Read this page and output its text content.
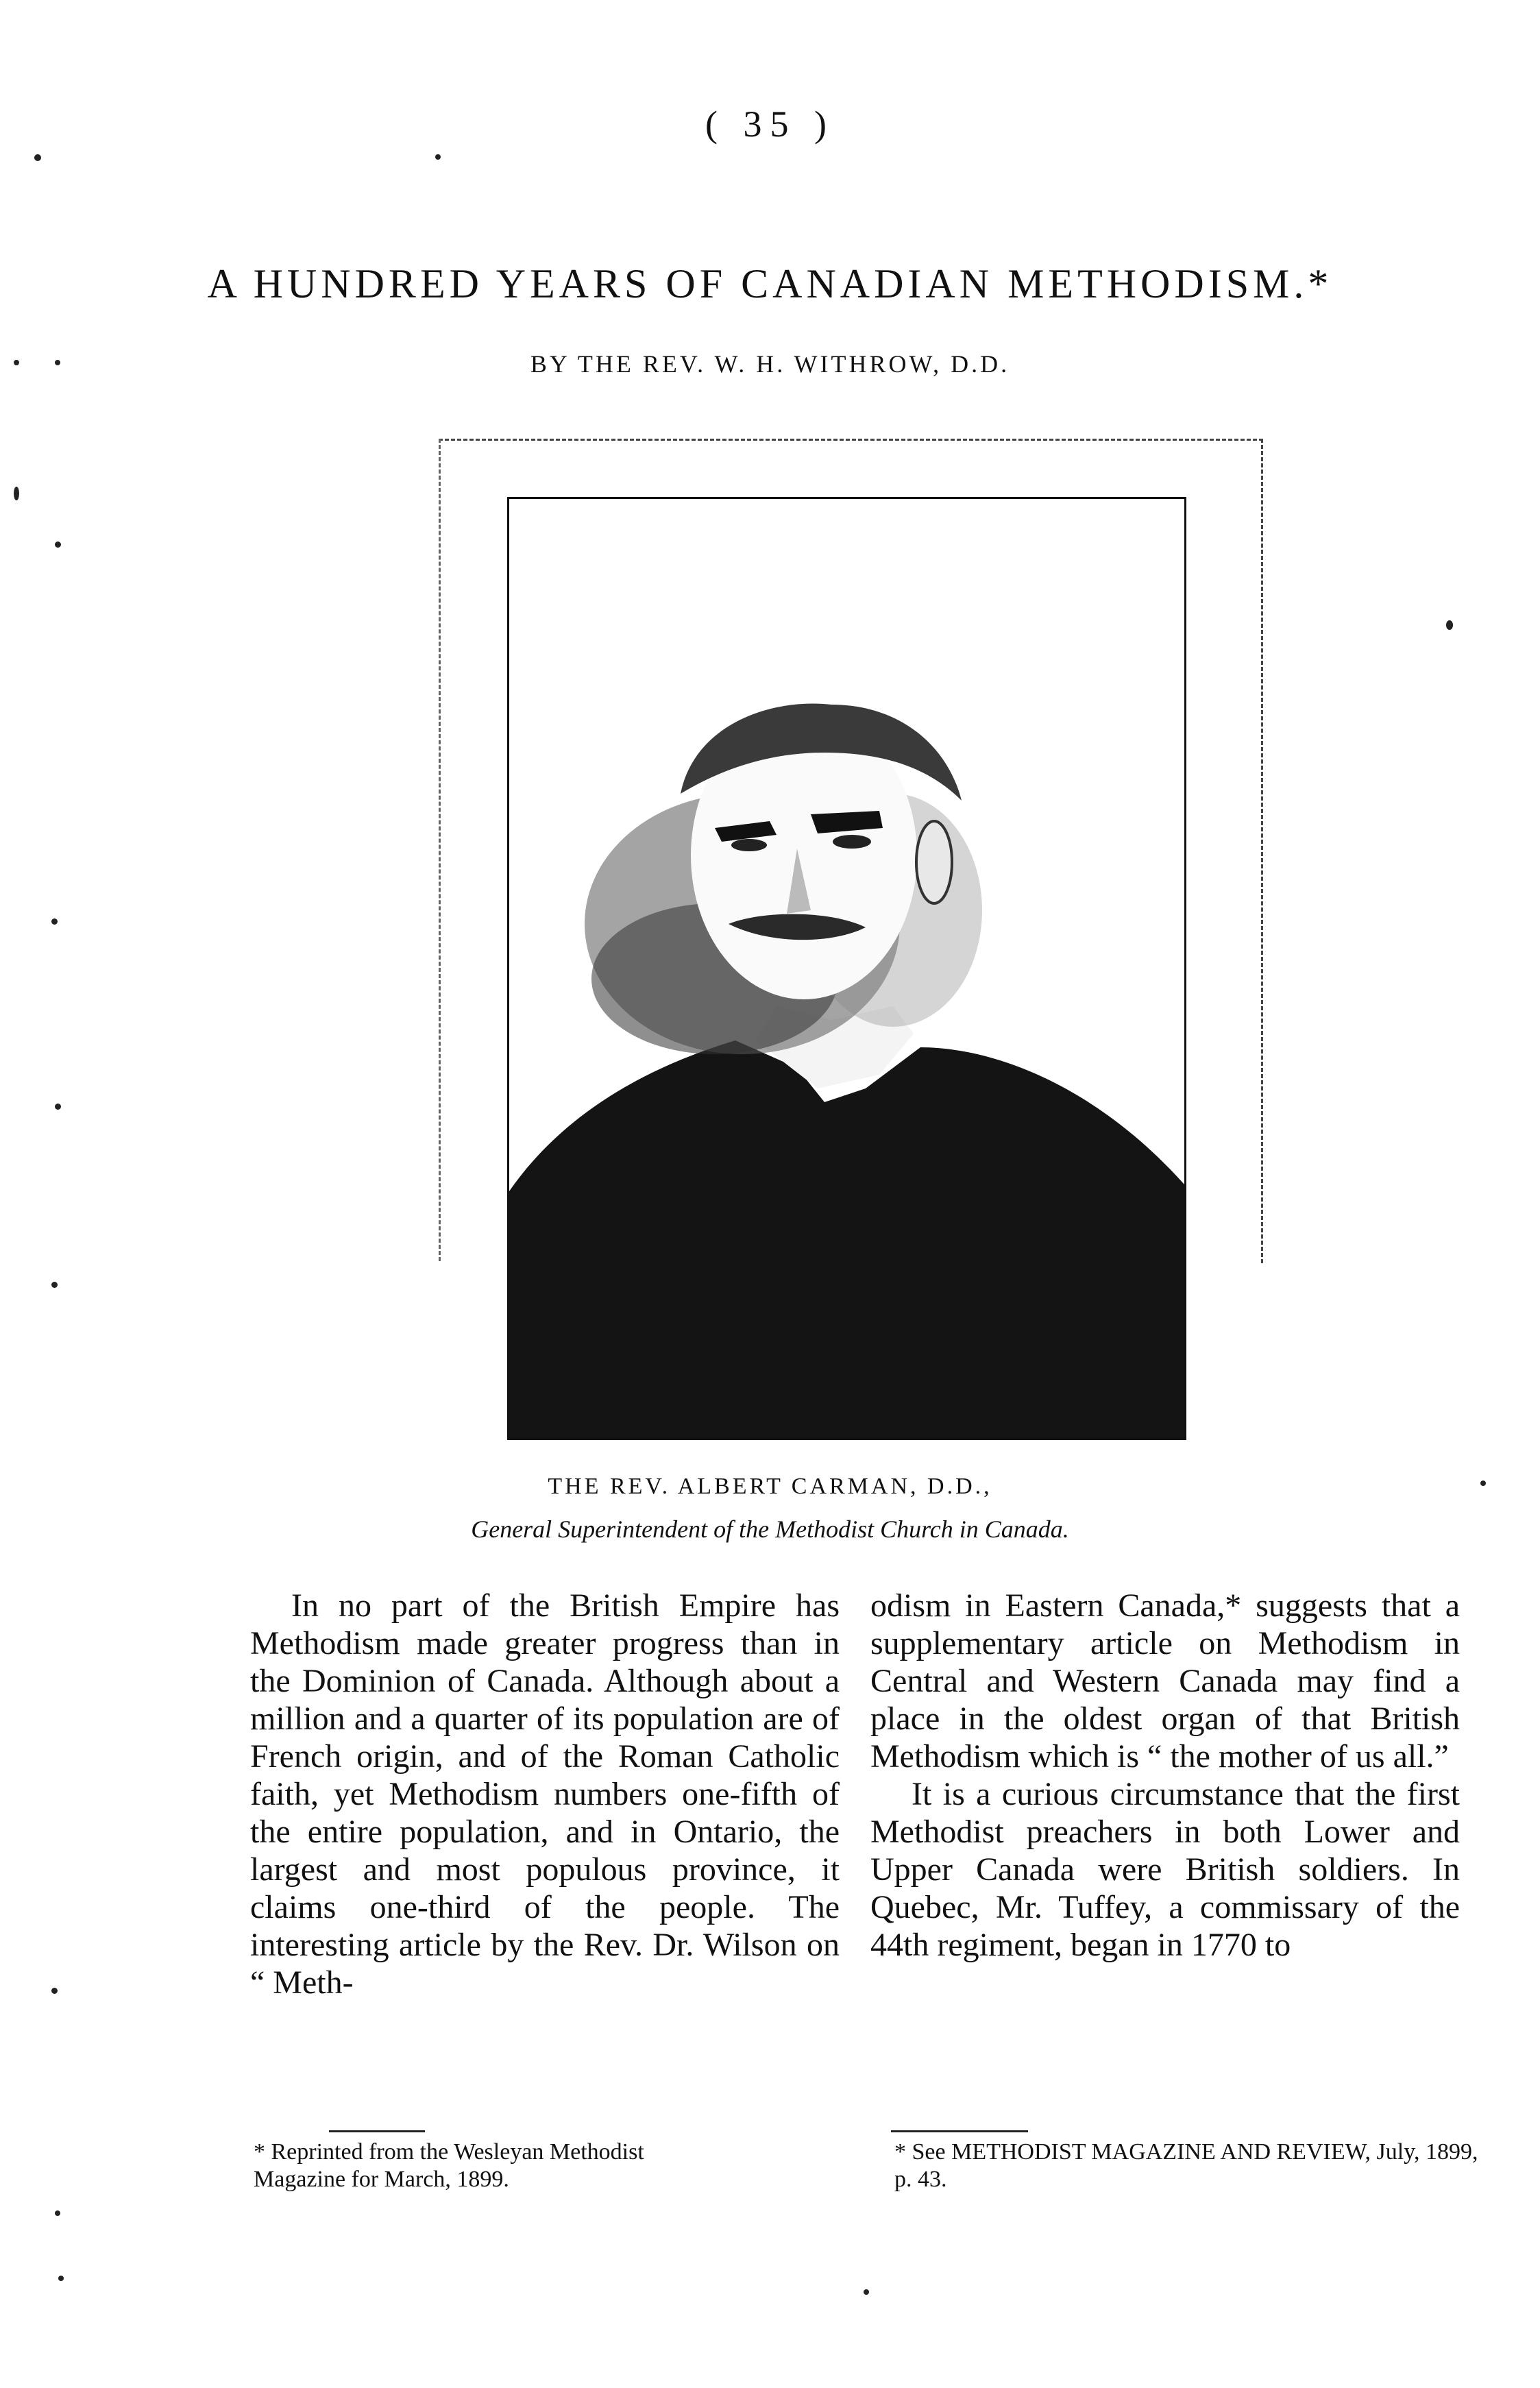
( 35 )
A HUNDRED YEARS OF CANADIAN METHODISM.*
BY THE REV. W. H. WITHROW, D.D.
THE REV. ALBERT CARMAN, D.D.,
General Superintendent of the Methodist Church in Canada.

In no part of the British Empire has Methodism made greater progress than in the Dominion of Canada. Although about a million and a quarter of its population are of French origin, and of the Roman Catholic faith, yet Methodism numbers one-fifth of the entire population, and in Ontario, the largest and most populous province, it claims one-third of the people. The interesting article by the Rev. Dr. Wilson on “ Meth-

odism in Eastern Canada,* suggests that a supplementary article on Methodism in Central and Western Canada may find a place in the oldest organ of that British Methodism which is “ the mother of us all.”

It is a curious circumstance that the first Methodist preachers in both Lower and Upper Canada were British soldiers. In Quebec, Mr. Tuffey, a commissary of the 44th regiment, began in 1770 to

* Reprinted from the Wesleyan Methodist Magazine for March, 1899.
* See METHODIST MAGAZINE AND REVIEW, July, 1899, p. 43.
